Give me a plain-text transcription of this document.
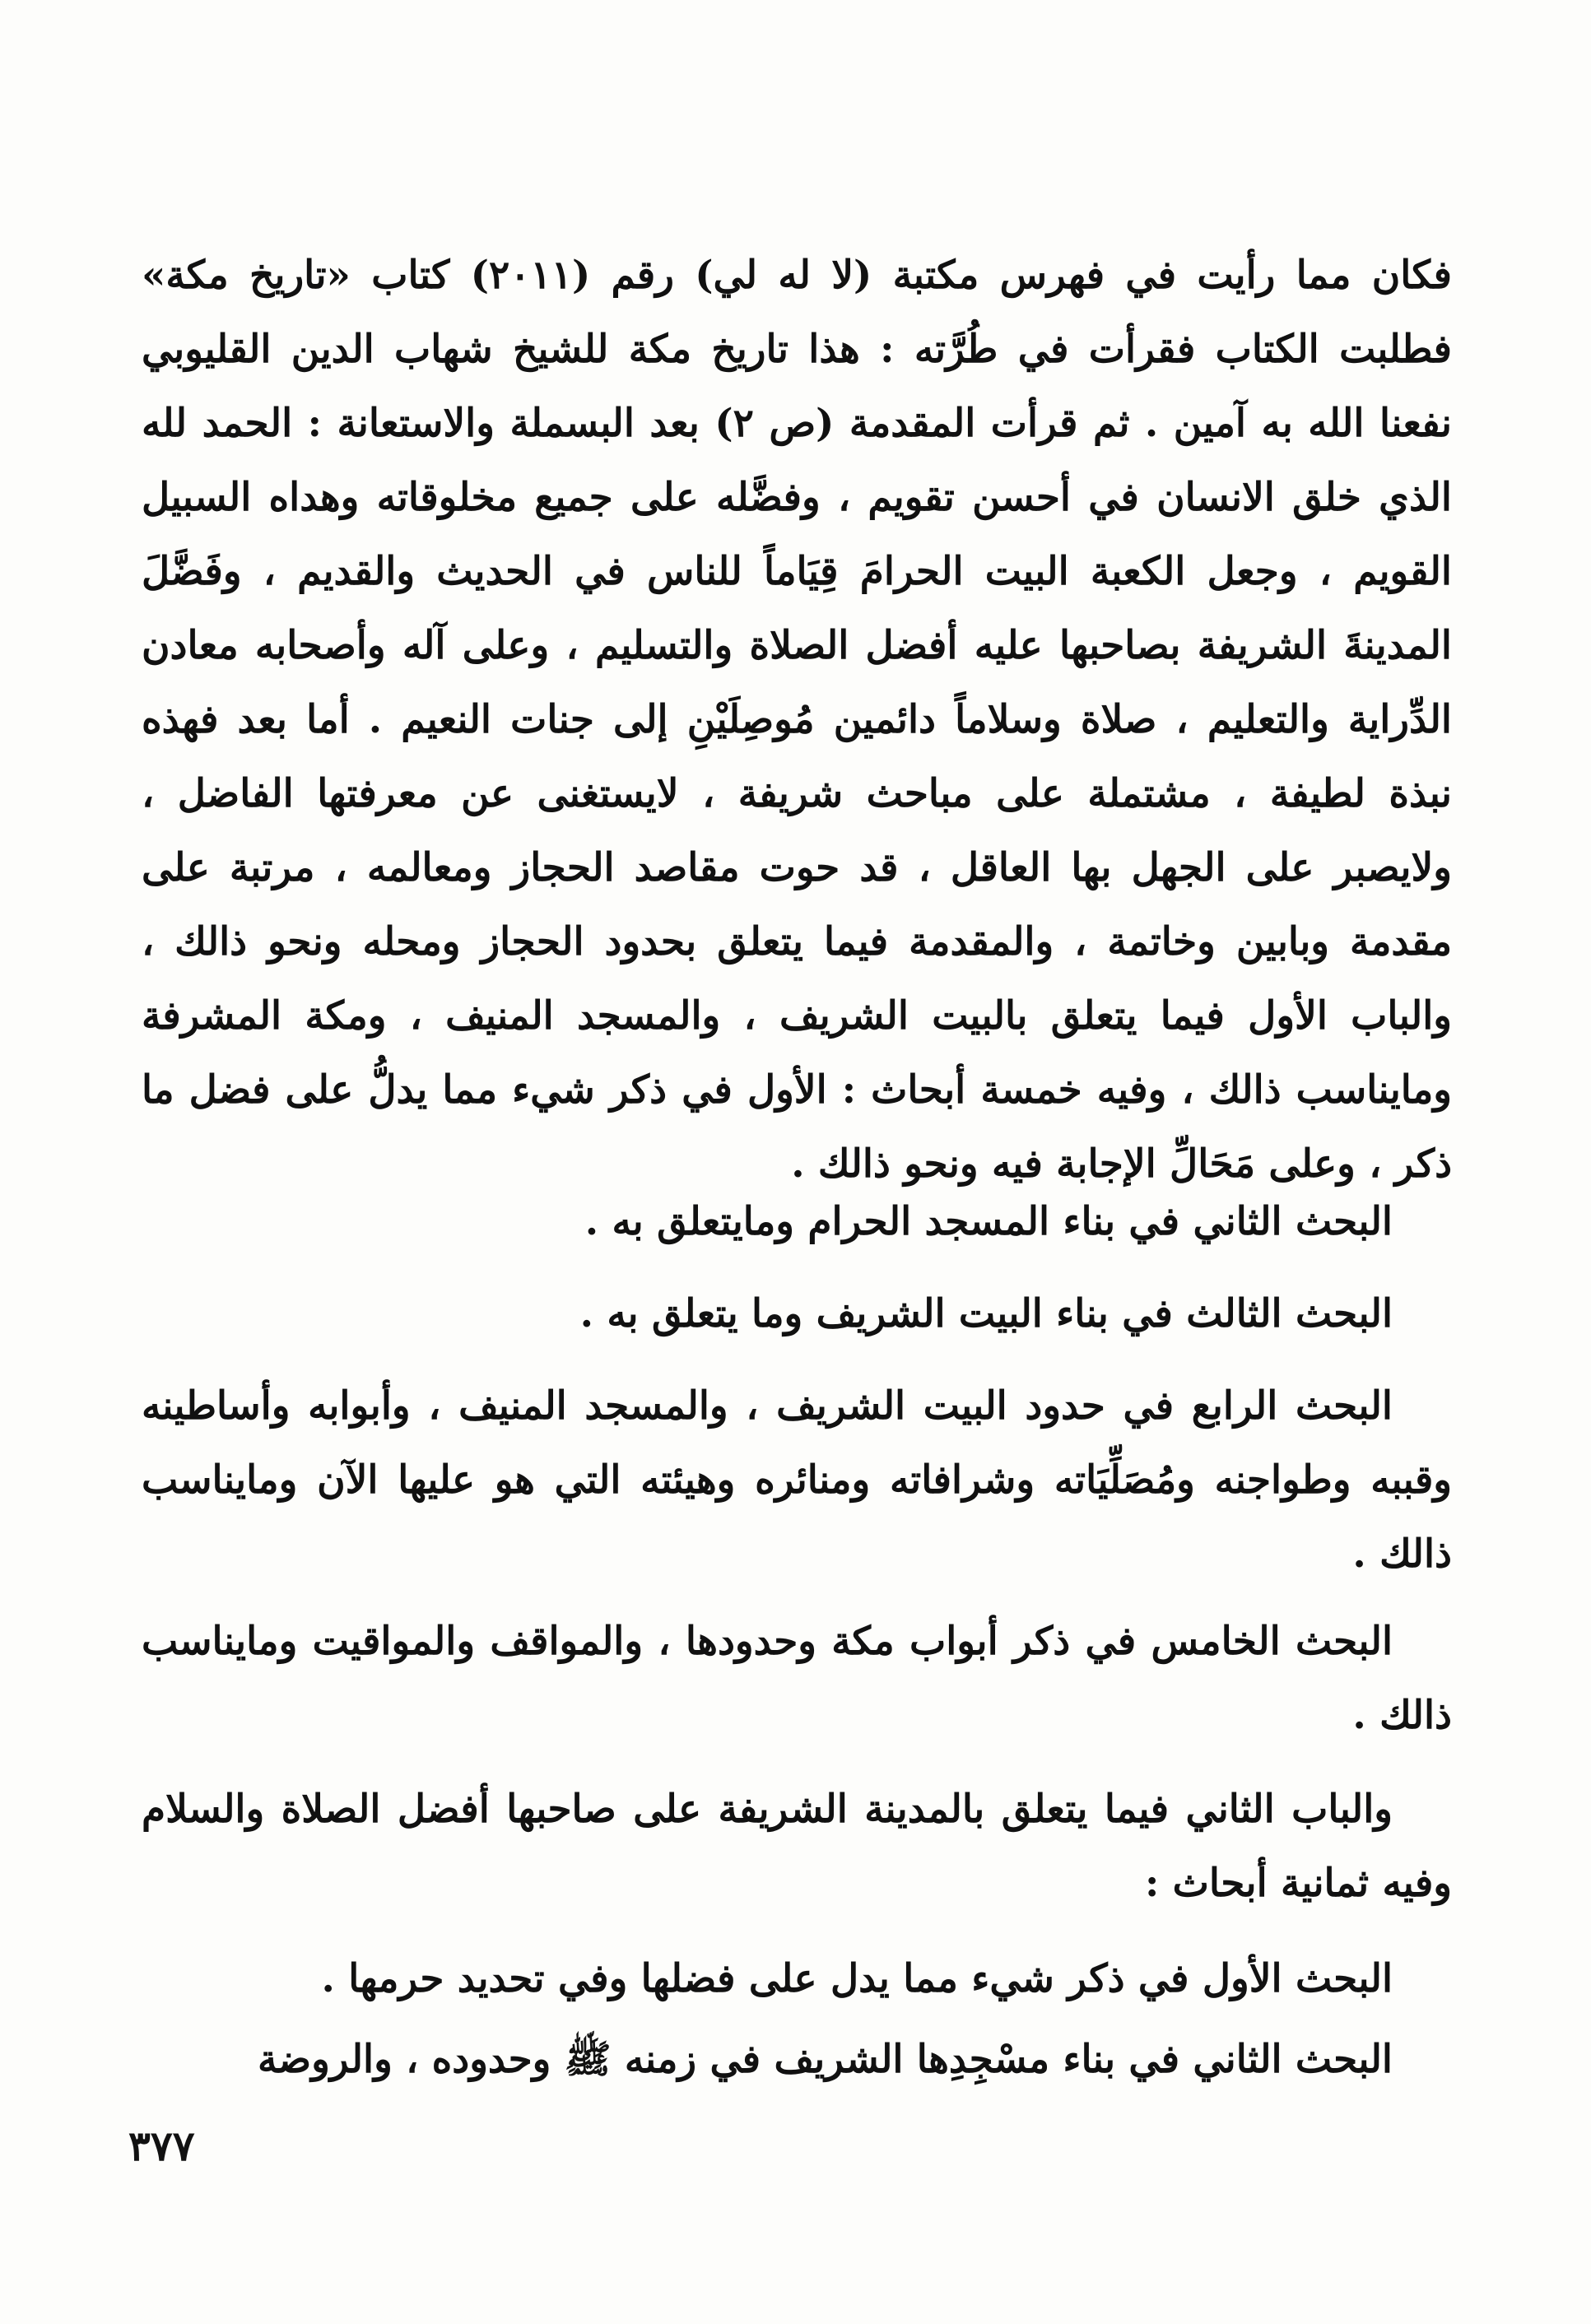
فكان مما رأيت في فهرس مكتبة (لا له لي) رقم (٢٠١١) كتاب «تاريخ مكة» فطلبت الكتاب فقرأت في طُرَّته : هذا تاريخ مكة للشيخ شهاب الدين القليوبي نفعنا الله به آمين . ثم قرأت المقدمة (ص ٢) بعد البسملة والاستعانة : الحمد لله الذي خلق الانسان في أحسن تقويم ، وفضَّله على جميع مخلوقاته وهداه السبيل القويم ، وجعل الكعبة البيت الحرامَ قِيَاماً للناس في الحديث والقديم ، وفَضَّلَ المدينةَ الشريفة بصاحبها عليه أفضل الصلاة والتسليم ، وعلى آله وأصحابه معادن الدِّراية والتعليم ، صلاة وسلاماً دائمين مُوصِلَيْنِ إلى جنات النعيم . أما بعد فهذه نبذة لطيفة ، مشتملة على مباحث شريفة ، لايستغنى عن معرفتها الفاضل ، ولايصبر على الجهل بها العاقل ، قد حوت مقاصد الحجاز ومعالمه ، مرتبة على مقدمة وبابين وخاتمة ، والمقدمة فيما يتعلق بحدود الحجاز ومحله ونحو ذالك ، والباب الأول فيما يتعلق بالبيت الشريف ، والمسجد المنيف ، ومكة المشرفة ومايناسب ذالك ، وفيه خمسة أبحاث : الأول في ذكر شيء مما يدلُّ على فضل ما ذكر ، وعلى مَحَالِّ الإجابة فيه ونحو ذالك .

البحث الثاني في بناء المسجد الحرام ومايتعلق به .

البحث الثالث في بناء البيت الشريف وما يتعلق به .

البحث الرابع في حدود البيت الشريف ، والمسجد المنيف ، وأبوابه وأساطينه وقببه وطواجنه ومُصَلِّيَاته وشرافاته ومنائره وهيئته التي هو عليها الآن ومايناسب ذالك .

البحث الخامس في ذكر أبواب مكة وحدودها ، والمواقف والمواقيت ومايناسب ذالك .

والباب الثاني فيما يتعلق بالمدينة الشريفة على صاحبها أفضل الصلاة والسلام وفيه ثمانية أبحاث :

البحث الأول في ذكر شيء مما يدل على فضلها وفي تحديد حرمها .

البحث الثاني في بناء مسْجِدِها الشريف في زمنه ﷺ وحدوده ، والروضة

٣٧٧
